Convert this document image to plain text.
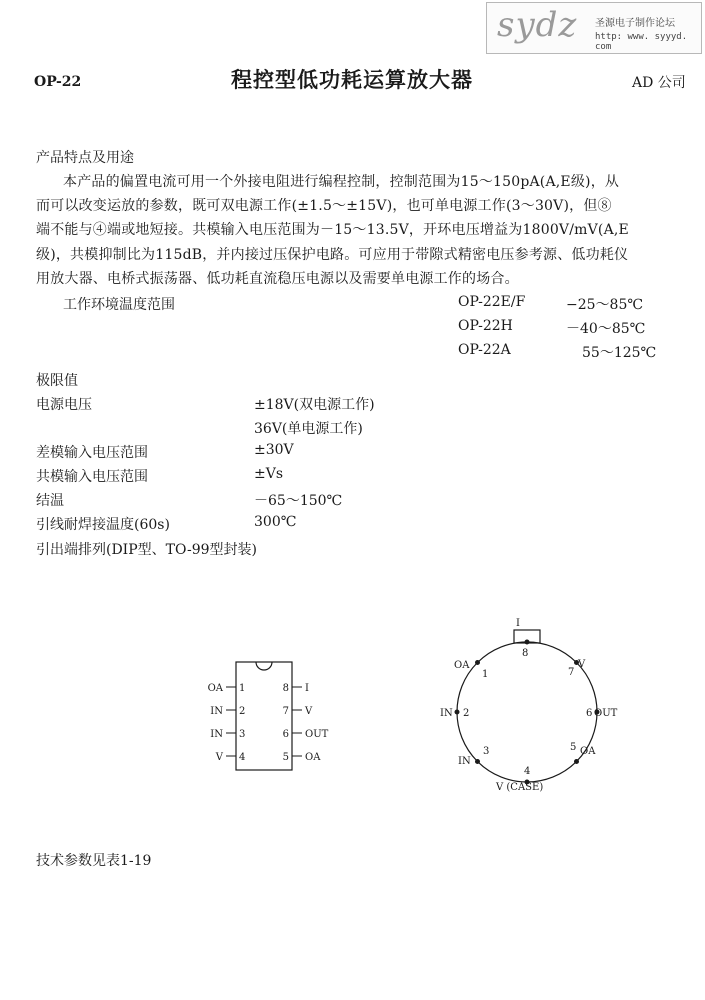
sydz 圣源电子制作论坛
http: www. syyyd. com
OP-22	程控型低功耗运算放大器	AD 公司
产品特点及用途
本产品的偏置电流可用一个外接电阻进行编程控制，控制范围为15～150pA(A,E级)，从
而可以改变运放的参数，既可双电源工作(±1.5～±15V)，也可单电源工作(3～30V)，但⑧
端不能与④端或地短接。共模输入电压范围为－15～13.5V，开环电压增益为1800V/mV(A,E
级)，共模抑制比为115dB，并内接过压保护电路。可应用于带隙式精密电压参考源、低功耗仪
用放大器、电桥式振荡器、低功耗直流稳压电源以及需要单电源工作的场合。
工作环境温度范围	OP-22E/F	−25～85℃
OP-22H	－40～85℃
OP-22A	55～125℃
极限值
电源电压	±18V(双电源工作)
36V(单电源工作)
差模输入电压范围	±30V
共模输入电压范围	±Vs
结温	－65～150℃
引线耐焊接温度(60s)	300℃
引出端排列(DIP型、TO-99型封装)
1
2
3
4
OA
IN
IN
V
8
7
6
5
I
V
OUT
OA
I
8
7
V
6 OUT
5 OA
4
V (CASE)
3
IN
2
IN
1
OA
技术参数见表1-19
